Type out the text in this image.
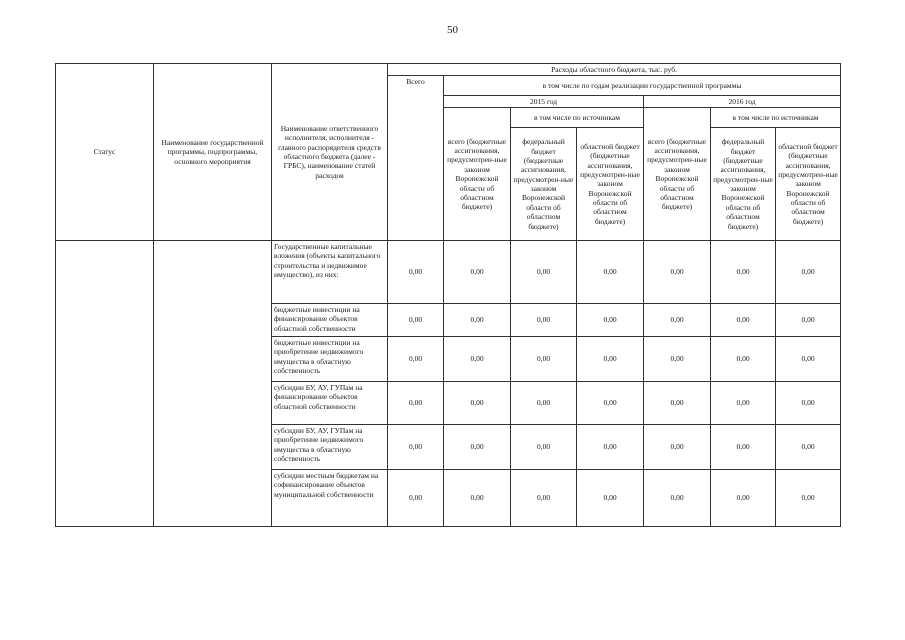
50
Статус	Наименование государственной программы, подпрограммы, основного мероприятия	Наименование ответственного исполнителя, исполнителя - главного распорядителя средств областного бюджета (далее - ГРБС), наименование статей расходов	Расходы областного бюджета, тыс. руб.						
			Всего	в том числе по годам реализации государственной программы					
				2015 год			2016 год		
				всего (бюджетные ассигнования, предусмотрен-ные законом Воронежской области об областном бюджете)	в том числе по источникам		всего (бюджетные ассигнования, предусмотрен-ные законом Воронежской области об областном бюджете)	в том числе по источникам	
					федеральный бюджет (бюджетные ассигнования, предусмотрен-ные законом Воронежской области об областном бюджете)	областной бюджет (бюджетные ассигнования, предусмотрен-ные законом Воронежской области об областном бюджете)		федеральный бюджет (бюджетные ассигнования, предусмотрен-ные законом Воронежской области об областном бюджете)	областной бюджет (бюджетные ассигнования, предусмотрен-ные законом Воронежской области об областном бюджете)
		Государственные капитальные вложения (объекты капитального строительства и недвижимое имущество), из них:	0,00	0,00	0,00	0,00	0,00	0,00	0,00
		бюджетные инвестиции на финансирование объектов областной собственности	0,00	0,00	0,00	0,00	0,00	0,00	0,00
		бюджетные инвестиции на приобретение недвижимого имущества в областную собственность	0,00	0,00	0,00	0,00	0,00	0,00	0,00
		субсидии БУ, АУ, ГУПам на финансирование объектов областной собственности	0,00	0,00	0,00	0,00	0,00	0,00	0,00
		субсидии БУ, АУ, ГУПам на приобретение недвижимого имущества в областную собственность	0,00	0,00	0,00	0,00	0,00	0,00	0,00
		субсидии местным бюджетам на софинансирование объектов муниципальной собственности	0,00	0,00	0,00	0,00	0,00	0,00	0,00
